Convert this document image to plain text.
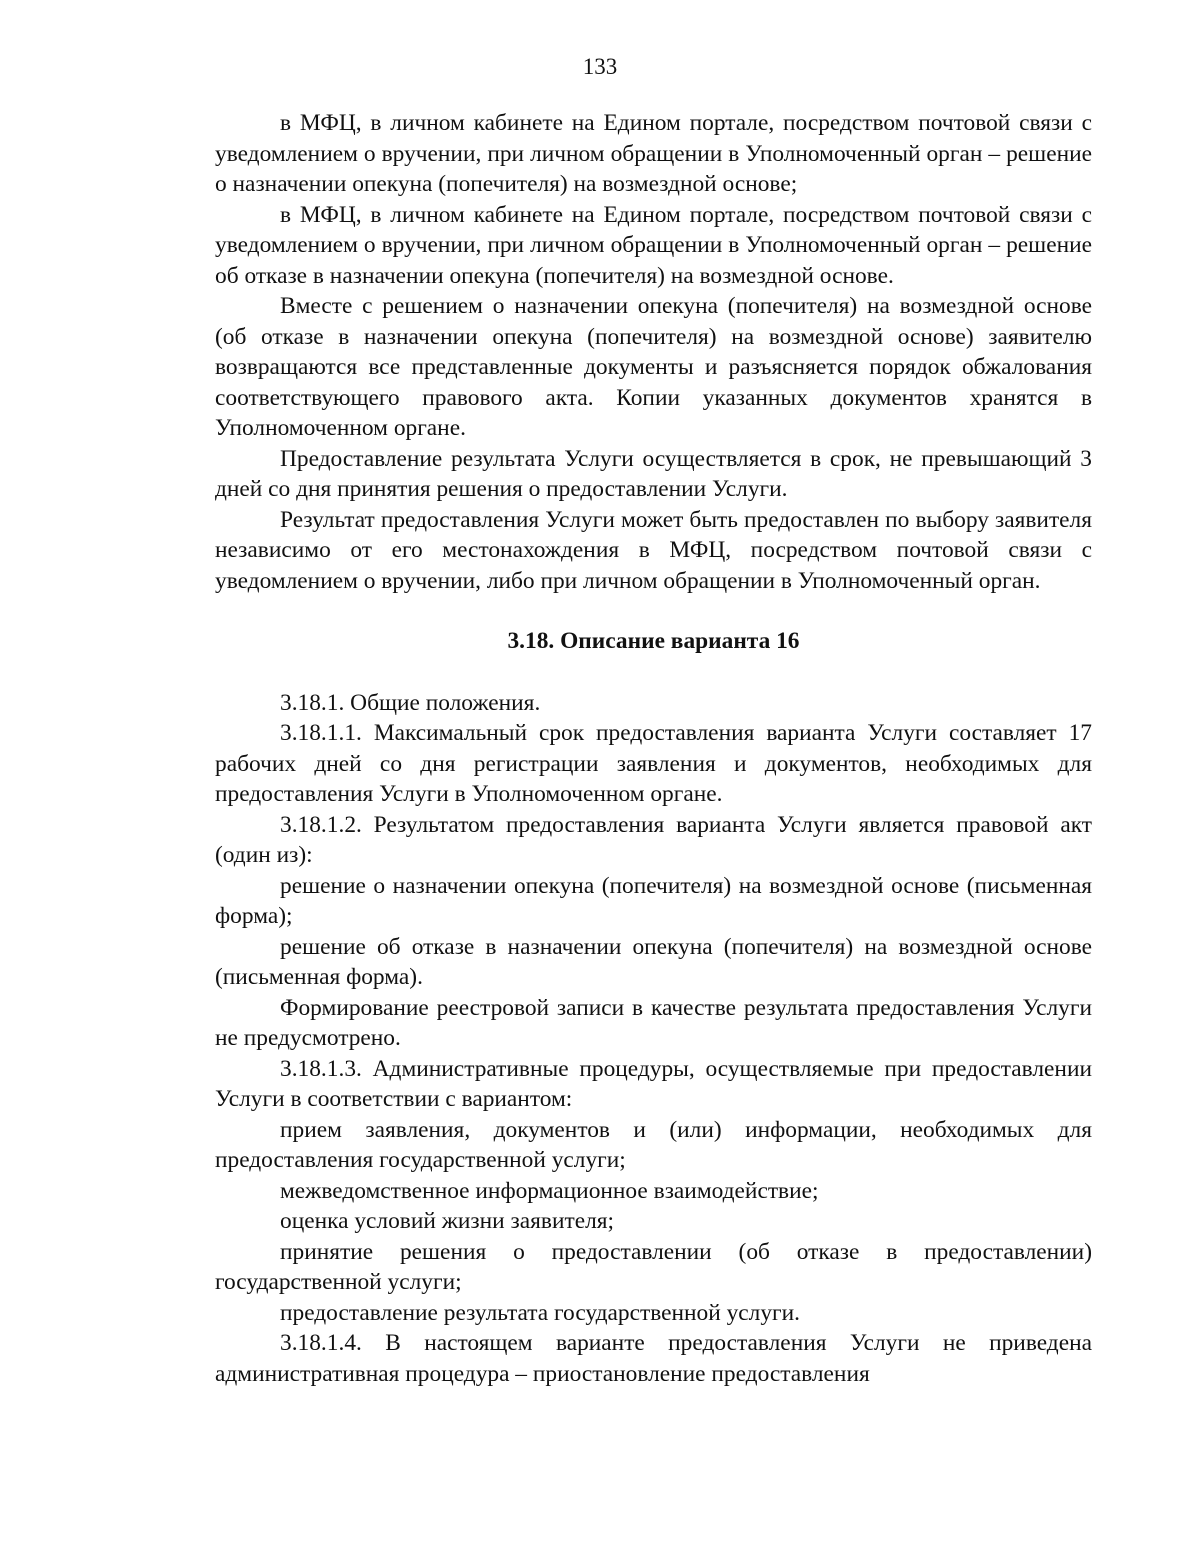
133

в МФЦ, в личном кабинете на Едином портале, посредством почтовой связи с уведомлением о вручении, при личном обращении в Уполномоченный орган – решение о назначении опекуна (попечителя) на возмездной основе;

в МФЦ, в личном кабинете на Едином портале, посредством почтовой связи с уведомлением о вручении, при личном обращении в Уполномоченный орган – решение об отказе в назначении опекуна (попечителя) на возмездной основе.

Вместе с решением о назначении опекуна (попечителя) на возмездной основе (об отказе в назначении опекуна (попечителя) на возмездной основе) заявителю возвращаются все представленные документы и разъясняется порядок обжалования соответствующего правового акта. Копии указанных документов хранятся в Уполномоченном органе.

Предоставление результата Услуги осуществляется в срок, не превышающий 3 дней со дня принятия решения о предоставлении Услуги.

Результат предоставления Услуги может быть предоставлен по выбору заявителя независимо от его местонахождения в МФЦ, посредством почтовой связи с уведомлением о вручении, либо при личном обращении в Уполномоченный орган.

3.18. Описание варианта 16

3.18.1. Общие положения.

3.18.1.1. Максимальный срок предоставления варианта Услуги составляет 17 рабочих дней со дня регистрации заявления и документов, необходимых для предоставления Услуги в Уполномоченном органе.

3.18.1.2. Результатом предоставления варианта Услуги является правовой акт (один из):

решение о назначении опекуна (попечителя) на возмездной основе (письменная форма);

решение об отказе в назначении опекуна (попечителя) на возмездной основе (письменная форма).

Формирование реестровой записи в качестве результата предоставления Услуги не предусмотрено.

3.18.1.3. Административные процедуры, осуществляемые при предоставлении Услуги в соответствии с вариантом:

прием заявления, документов и (или) информации, необходимых для предоставления государственной услуги;

межведомственное информационное взаимодействие;

оценка условий жизни заявителя;

принятие решения о предоставлении (об отказе в предоставлении) государственной услуги;

предоставление результата государственной услуги.

3.18.1.4. В настоящем варианте предоставления Услуги не приведена административная процедура – приостановление предоставления
